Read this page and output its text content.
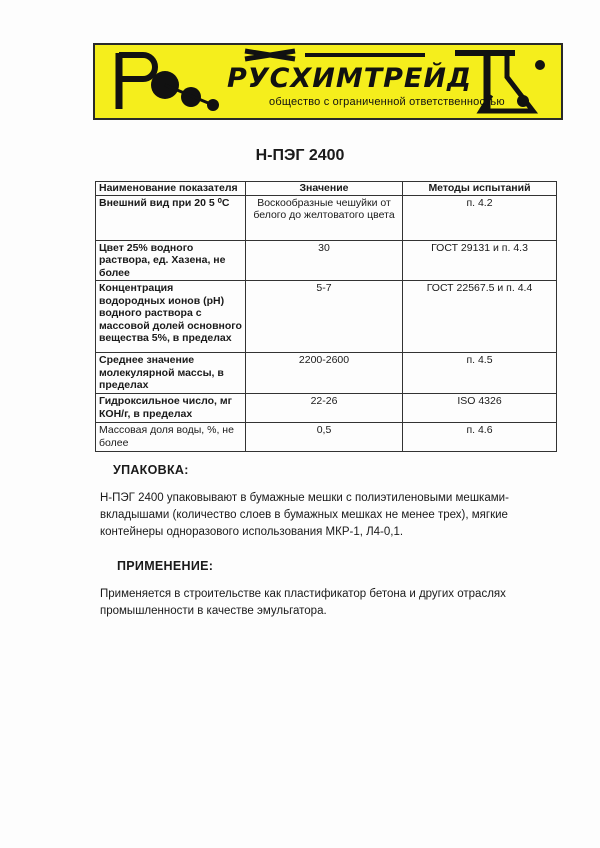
РУСХИМТРЕЙД
общество с ограниченной ответственностью
Н-ПЭГ 2400
Наименование показателя	Значение	Методы испытаний
Внешний вид при 20 5 ⁰С	Воскообразные чешуйки от белого до желтоватого цвета	п. 4.2
Цвет 25% водного раствора, ед. Хазена, не более	30	ГОСТ 29131 и п. 4.3
Концентрация водородных ионов (рН) водного раствора с массовой долей основного вещества 5%, в пределах	5-7	ГОСТ 22567.5 и п. 4.4
Среднее значение молекулярной массы, в пределах	2200-2600	п. 4.5
Гидроксильное число, мг КОН/г, в пределах	22-26	ISO 4326
Массовая доля воды, %, не более	0,5	п. 4.6
УПАКОВКА:
Н-ПЭГ 2400 упаковывают в бумажные мешки с полиэтиленовыми мешками-вкладышами (количество слоев в бумажных мешках не менее трех), мягкие контейнеры одноразового использования МКР-1, Л4-0,1.
ПРИМЕНЕНИЕ:
Применяется в строительстве как пластификатор бетона и других отраслях промышленности в качестве эмульгатора.
